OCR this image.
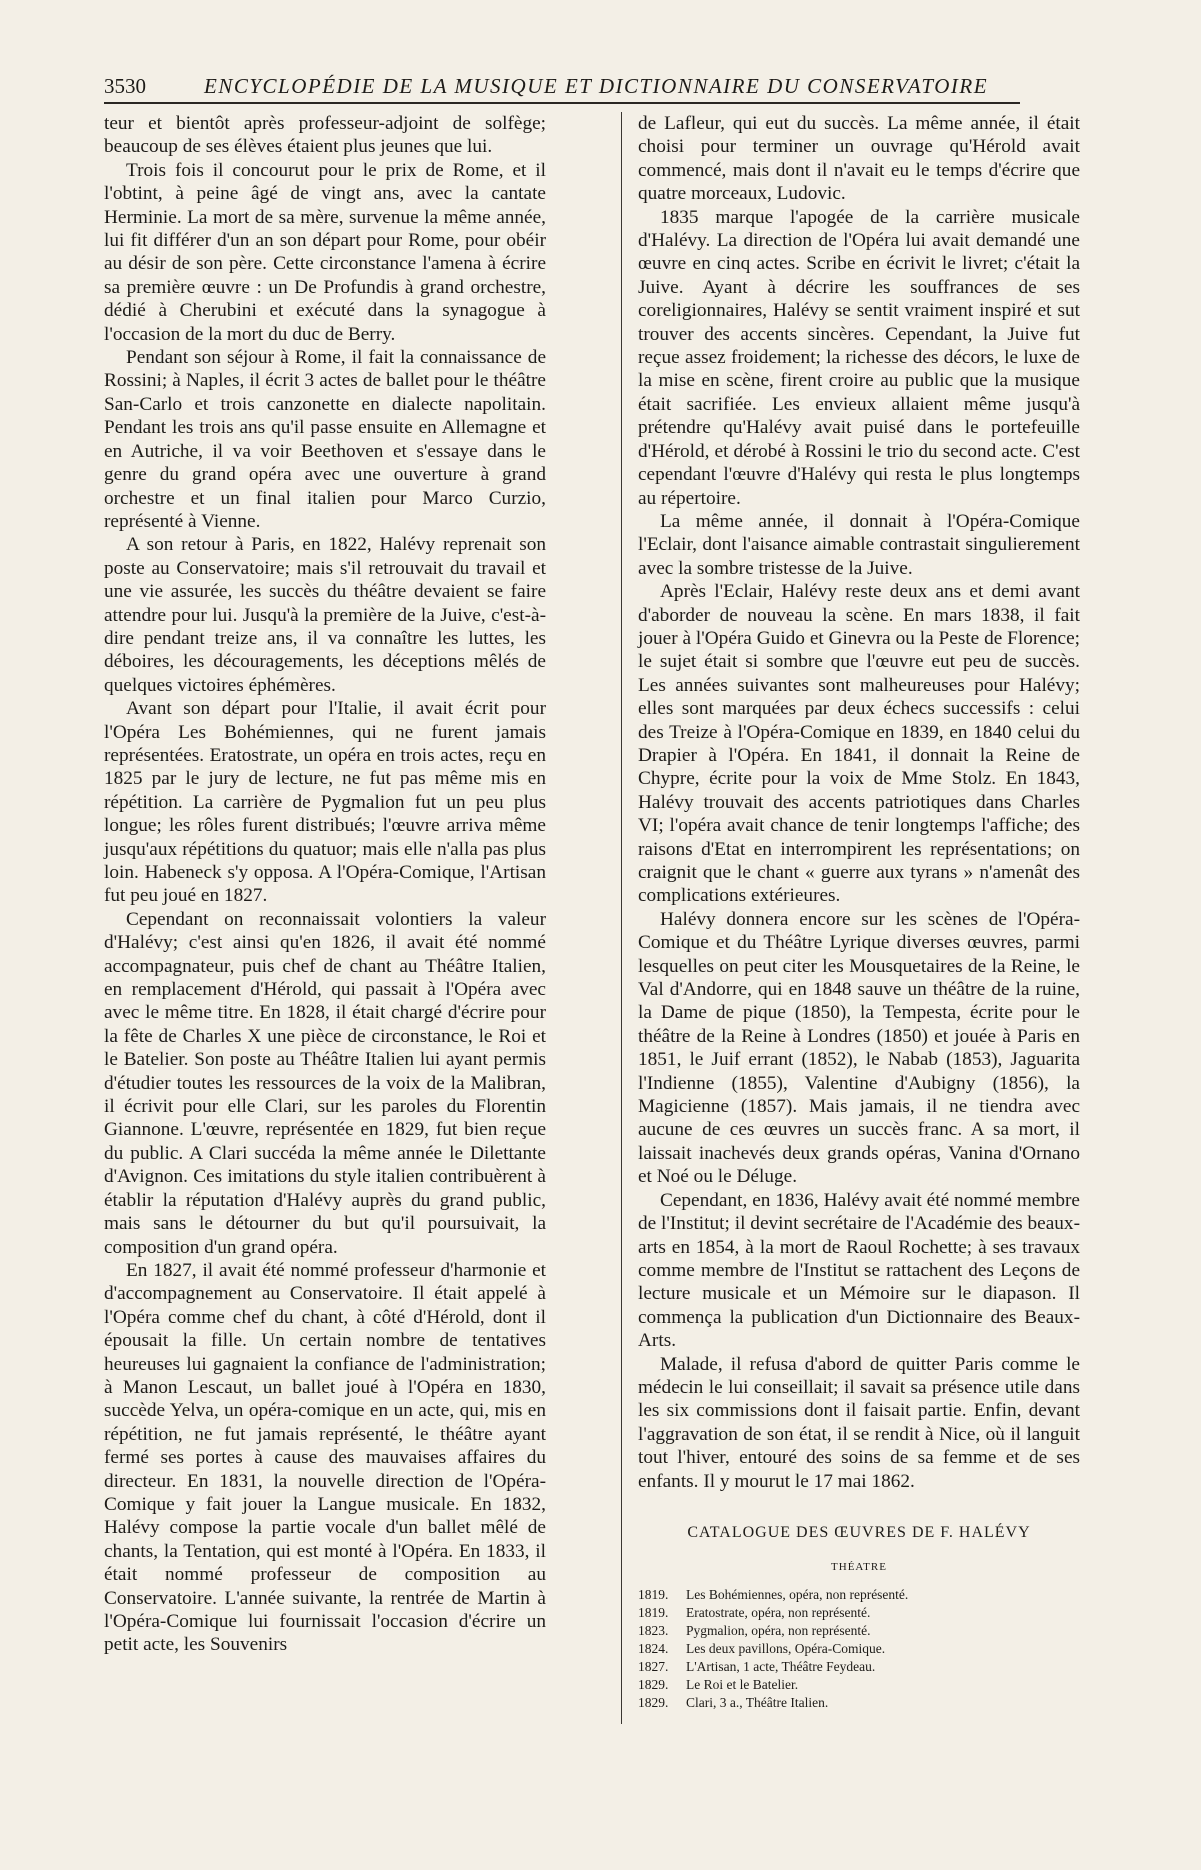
3530	ENCYCLOPÉDIE DE LA MUSIQUE ET DICTIONNAIRE DU CONSERVATOIRE

teur et bientôt après professeur-adjoint de solfège; beaucoup de ses élèves étaient plus jeunes que lui.

Trois fois il concourut pour le prix de Rome, et il l'obtint, à peine âgé de vingt ans, avec la cantate Herminie. La mort de sa mère, survenue la même année, lui fit différer d'un an son départ pour Rome, pour obéir au désir de son père. Cette circonstance l'amena à écrire sa première œuvre : un De Profundis à grand orchestre, dédié à Cherubini et exécuté dans la synagogue à l'occasion de la mort du duc de Berry.

Pendant son séjour à Rome, il fait la connaissance de Rossini; à Naples, il écrit 3 actes de ballet pour le théâtre San-Carlo et trois canzonette en dialecte napolitain. Pendant les trois ans qu'il passe ensuite en Allemagne et en Autriche, il va voir Beethoven et s'essaye dans le genre du grand opéra avec une ouverture à grand orchestre et un final italien pour Marco Curzio, représenté à Vienne.

A son retour à Paris, en 1822, Halévy reprenait son poste au Conservatoire; mais s'il retrouvait du travail et une vie assurée, les succès du théâtre devaient se faire attendre pour lui. Jusqu'à la première de la Juive, c'est-à-dire pendant treize ans, il va connaître les luttes, les déboires, les découragements, les déceptions mêlés de quelques victoires éphémères.

Avant son départ pour l'Italie, il avait écrit pour l'Opéra Les Bohémiennes, qui ne furent jamais représentées. Eratostrate, un opéra en trois actes, reçu en 1825 par le jury de lecture, ne fut pas même mis en répétition. La carrière de Pygmalion fut un peu plus longue; les rôles furent distribués; l'œuvre arriva même jusqu'aux répétitions du quatuor; mais elle n'alla pas plus loin. Habeneck s'y opposa. A l'Opéra-Comique, l'Artisan fut peu joué en 1827.

Cependant on reconnaissait volontiers la valeur d'Halévy; c'est ainsi qu'en 1826, il avait été nommé accompagnateur, puis chef de chant au Théâtre Italien, en remplacement d'Hérold, qui passait à l'Opéra avec avec le même titre. En 1828, il était chargé d'écrire pour la fête de Charles X une pièce de circonstance, le Roi et le Batelier. Son poste au Théâtre Italien lui ayant permis d'étudier toutes les ressources de la voix de la Malibran, il écrivit pour elle Clari, sur les paroles du Florentin Giannone. L'œuvre, représentée en 1829, fut bien reçue du public. A Clari succéda la même année le Dilettante d'Avignon. Ces imitations du style italien contribuèrent à établir la réputation d'Halévy auprès du grand public, mais sans le détourner du but qu'il poursuivait, la composition d'un grand opéra.

En 1827, il avait été nommé professeur d'harmonie et d'accompagnement au Conservatoire. Il était appelé à l'Opéra comme chef du chant, à côté d'Hérold, dont il épousait la fille. Un certain nombre de tentatives heureuses lui gagnaient la confiance de l'administration; à Manon Lescaut, un ballet joué à l'Opéra en 1830, succède Yelva, un opéra-comique en un acte, qui, mis en répétition, ne fut jamais représenté, le théâtre ayant fermé ses portes à cause des mauvaises affaires du directeur. En 1831, la nouvelle direction de l'Opéra-Comique y fait jouer la Langue musicale. En 1832, Halévy compose la partie vocale d'un ballet mêlé de chants, la Tentation, qui est monté à l'Opéra. En 1833, il était nommé professeur de composition au Conservatoire. L'année suivante, la rentrée de Martin à l'Opéra-Comique lui fournissait l'occasion d'écrire un petit acte, les Souvenirs

de Lafleur, qui eut du succès. La même année, il était choisi pour terminer un ouvrage qu'Hérold avait commencé, mais dont il n'avait eu le temps d'écrire que quatre morceaux, Ludovic.

1835 marque l'apogée de la carrière musicale d'Halévy. La direction de l'Opéra lui avait demandé une œuvre en cinq actes. Scribe en écrivit le livret; c'était la Juive. Ayant à décrire les souffrances de ses coreligionnaires, Halévy se sentit vraiment inspiré et sut trouver des accents sincères. Cependant, la Juive fut reçue assez froidement; la richesse des décors, le luxe de la mise en scène, firent croire au public que la musique était sacrifiée. Les envieux allaient même jusqu'à prétendre qu'Halévy avait puisé dans le portefeuille d'Hérold, et dérobé à Rossini le trio du second acte. C'est cependant l'œuvre d'Halévy qui resta le plus longtemps au répertoire.

La même année, il donnait à l'Opéra-Comique l'Eclair, dont l'aisance aimable contrastait singulierement avec la sombre tristesse de la Juive.

Après l'Eclair, Halévy reste deux ans et demi avant d'aborder de nouveau la scène. En mars 1838, il fait jouer à l'Opéra Guido et Ginevra ou la Peste de Florence; le sujet était si sombre que l'œuvre eut peu de succès. Les années suivantes sont malheureuses pour Halévy; elles sont marquées par deux échecs successifs : celui des Treize à l'Opéra-Comique en 1839, en 1840 celui du Drapier à l'Opéra. En 1841, il donnait la Reine de Chypre, écrite pour la voix de Mme Stolz. En 1843, Halévy trouvait des accents patriotiques dans Charles VI; l'opéra avait chance de tenir longtemps l'affiche; des raisons d'Etat en interrompirent les représentations; on craignit que le chant « guerre aux tyrans » n'amenât des complications extérieures.

Halévy donnera encore sur les scènes de l'Opéra-Comique et du Théâtre Lyrique diverses œuvres, parmi lesquelles on peut citer les Mousquetaires de la Reine, le Val d'Andorre, qui en 1848 sauve un théâtre de la ruine, la Dame de pique (1850), la Tempesta, écrite pour le théâtre de la Reine à Londres (1850) et jouée à Paris en 1851, le Juif errant (1852), le Nabab (1853), Jaguarita l'Indienne (1855), Valentine d'Aubigny (1856), la Magicienne (1857). Mais jamais, il ne tiendra avec aucune de ces œuvres un succès franc. A sa mort, il laissait inachevés deux grands opéras, Vanina d'Ornano et Noé ou le Déluge.

Cependant, en 1836, Halévy avait été nommé membre de l'Institut; il devint secrétaire de l'Académie des beaux-arts en 1854, à la mort de Raoul Rochette; à ses travaux comme membre de l'Institut se rattachent des Leçons de lecture musicale et un Mémoire sur le diapason. Il commença la publication d'un Dictionnaire des Beaux-Arts.

Malade, il refusa d'abord de quitter Paris comme le médecin le lui conseillait; il savait sa présence utile dans les six commissions dont il faisait partie. Enfin, devant l'aggravation de son état, il se rendit à Nice, où il languit tout l'hiver, entouré des soins de sa femme et de ses enfants. Il y mourut le 17 mai 1862.

CATALOGUE DES ŒUVRES DE F. HALÉVY
THÉATRE
1819. Les Bohémiennes, opéra, non représenté.
1819. Eratostrate, opéra, non représenté.
1823. Pygmalion, opéra, non représenté.
1824. Les deux pavillons, Opéra-Comique.
1827. L'Artisan, 1 acte, Théâtre Feydeau.
1829. Le Roi et le Batelier.
1829. Clari, 3 a., Théâtre Italien.
